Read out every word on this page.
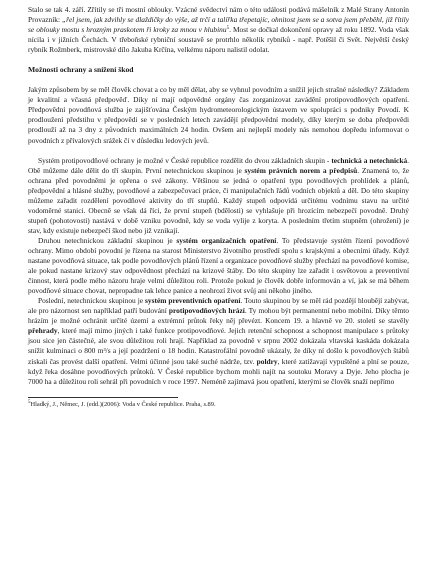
Stalo se tak 4. září. Zřítily se tři mostní oblouky. Vzácné svědectví nám o této události podává mášelník z Malé Strany Antonín Provazník: „řel jsem, jak zdvihly se dlaždičky do výše, až trčí a talířka třepetajíc, ohnitost jsem se a sotva jsem přeběhl, již řítily se oblouky mostu s hrozným praskotem ři kroky za mnou v hlubinu$^5$. Most se dočkal dokončení opravy až roku 1892. Voda však nícila i v jižních Čechách. V třeboňské rybniční soustavě se protrhlo několik rybníků - např. Potěšil či Svět. Největší český rybník Rožmberk, mistrovské dílo Jakuba Krčína, velkému náporu nalistil odolat.

Možnosti ochrany a snížení škod

Jakým způsobem by se měl člověk chovat a co by měl dělat, aby se vyhnul povodním a snížil jejich strašné následky? Základem je kvalitní a včasná předpověď. Díky ní mají odpovědné orgány čas zorganizovat zavádění protipovodňových opatření. Předpovědní povodňová služba je zajišťována Českým hydrometeorologickým ústavem ve spolupráci s podniky Povodí. K prodloužení předstihu v předpovědi se v posledních letech zavádějí předpovědní modely, díky kterým se doba předpovědi prodlouží až na 3 dny z původních maximálních 24 hodin. Ovšem ani nejlepší modely nás nemohou dopředu informovat o povodních z přívalových srážek či v důsledku ledových jevů.

Systém protipovodňové ochrany je možné v České republice rozdělit do dvou základních skupin - technická a netechnická. Obě můžeme dále dělit do tří skupin. První netechnickou skupinou je systém právních norem a předpisů. Znamená to, že ochrana před povodněmi je opřena o své zákony. Většinou se jedná o opatření typu povodňových prohlídek a plánů, předpovědní a hlásné služby, povodňové a zabezpečovací práce, či manipulačních řádů vodních objektů a děl. Do této skupiny můžeme zařadit rozdělení povodňové aktivity do tří stupňů. Každý stupeň odpovídá určitému vodnímu stavu na určité vodoměrné stanici. Obecně se však dá říci, že první stupeň (bdělosti) se vyhlašuje při hrozícím nebezpečí povodně. Druhý stupeň (pohotovosti) nastává v době vzniku povodně, kdy se voda vylije z koryta. A posledním třetím stupněm (ohrožení) je stav, kdy existuje nebezpečí škod nebo již vznikají.

Druhou netechnickou základní skupinou je systém organizačních opatření. To představuje systém řízení povodňové ochrany. Mimo období povodní je řízena na starost Ministerstvo životního prostředí spolu s krajskými a obecními úřady. Když nastane povodňová situace, tak podle povodňových plánů řízení a organizace povodňové služby přechází na povodňové komise, ale pokud nastane krizový stav odpovědnost přechází na krizové štáby. Do této skupiny lze zařadit i osvětovou a preventivní činnost, která podle mého názoru hraje velmi důležitou roli. Protože pokud je člověk dobře informován a ví, jak se má během povodňové situace chovat, nepropadne tak lehce panice a neohrozí život svůj ani někoho jiného.

Poslední, netechnickou skupinou je systém preventivních opatření. Touto skupinou by se měl rád pozdějí hloubějí zabývat, ale pro názornost sen například patří budování protipovodňových hrází. Ty mohou být permanentní nebo mobilní. Díky těmto hrázím je možné ochránit určité území a extrémní průtok řeky něj převézt. Koncem 19. a hlavně ve 20. století se stavěly přehrady, které mají mimo jiných i také funkce protipovodňové. Jejich retenční schopnost a schopnost manipulace s průtoky jsou sice jen částečné, ale svou důležitou roli hrají. Například za povodně v srpnu 2002 dokázala vltavská kaskáda dokázala snížit kulminaci o 800 m³/s a její pozdržení o 18 hodin. Katastrofální povodně ukázaly, že díky ní došlo k povodňových štábů získali čas provést další opatření. Velmi účinné jsou také suché nádrže, tzv. poldry, které zatížavají vypuštěné a plní se pouze, když řeka dosáhne povodňových průtoků. V České republice bychom mohli najít na soutoku Moravy a Dyje. Jeho plocha je 7000 ha a důležitou roli sehrál při povodních v roce 1997. Neméně zajímavá jsou opatření, kterými se člověk snaží nepřímo

$^5$Hladký, J., Němec, J. (edd.)(2006): Voda v České republice. Praha, s.89.
